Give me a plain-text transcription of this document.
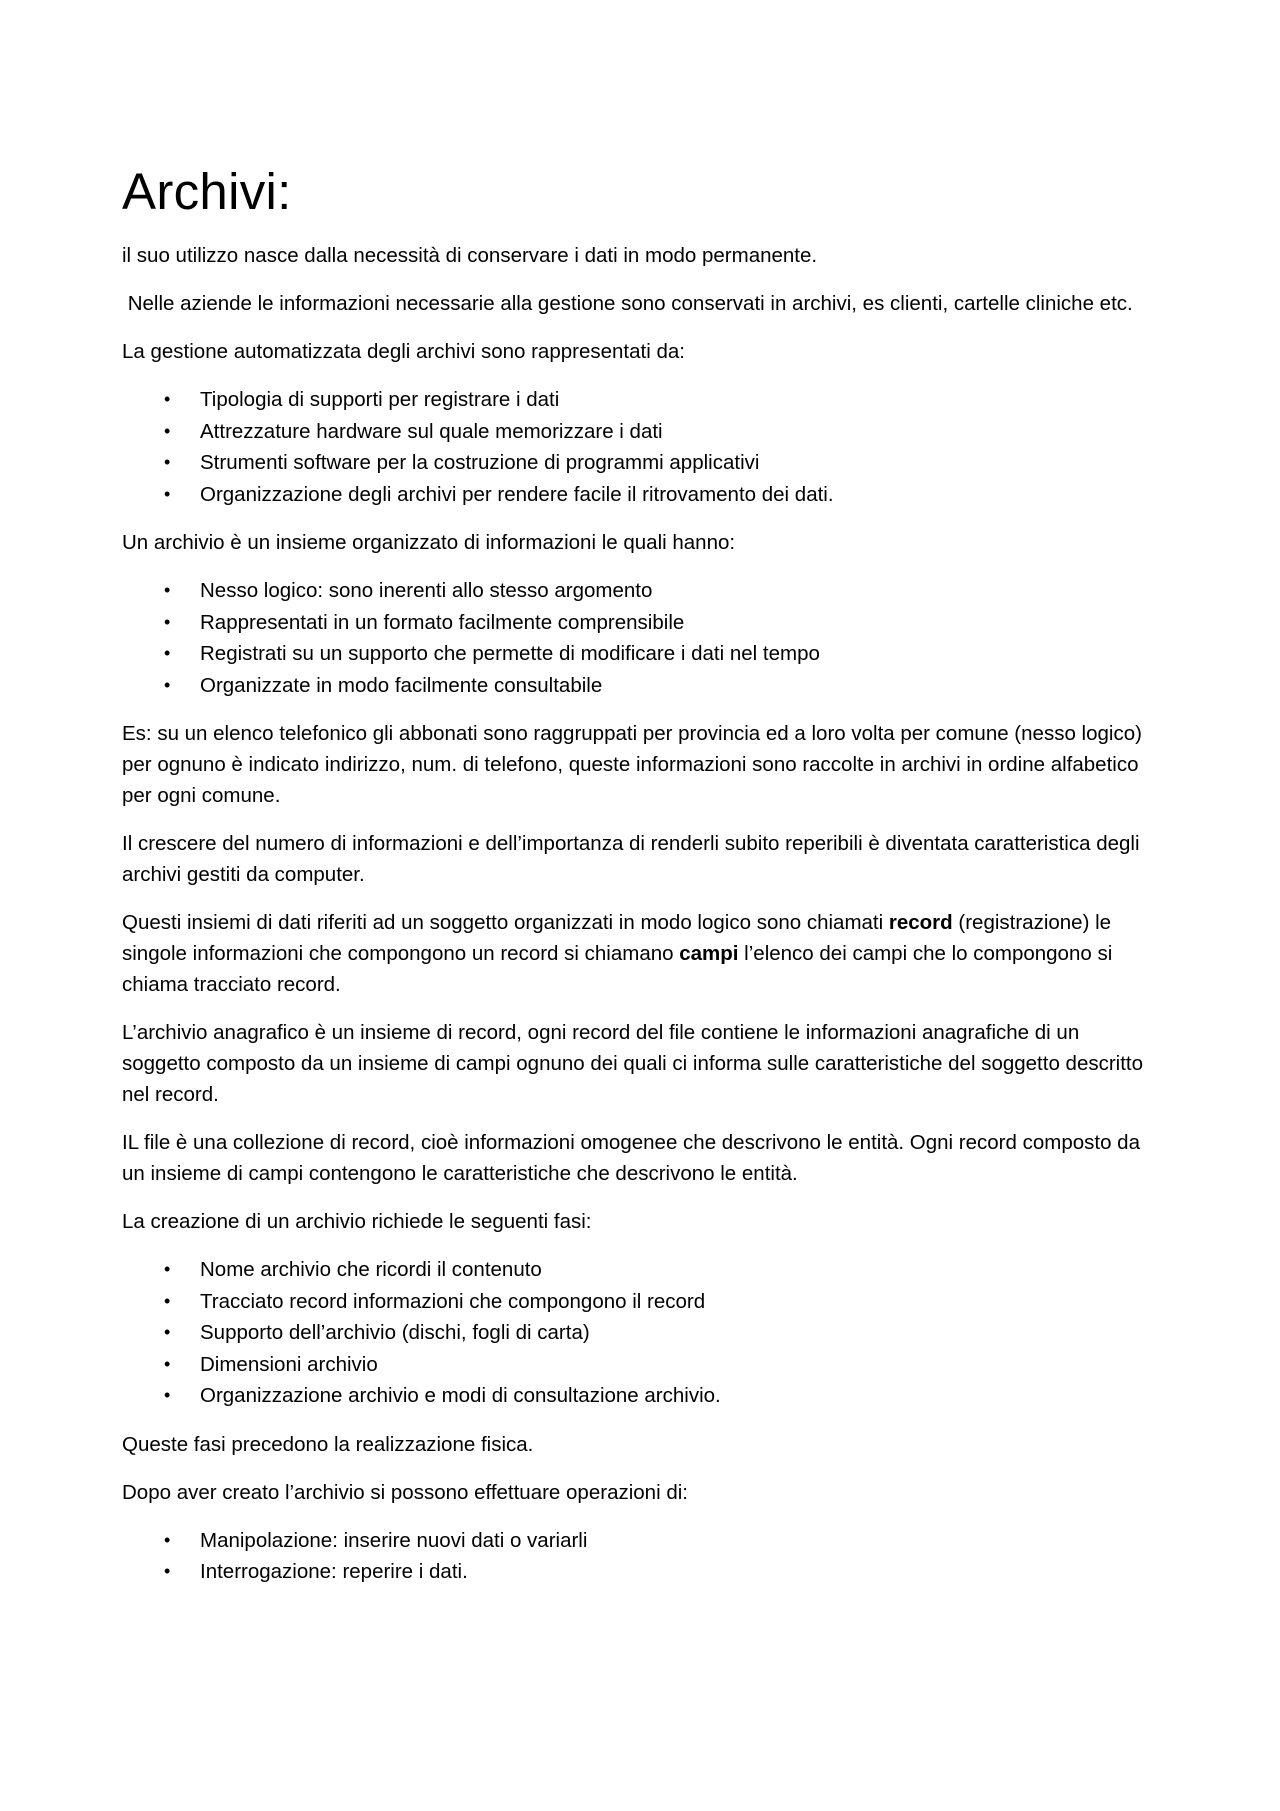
Archivi:

il suo utilizzo nasce dalla necessità di conservare i dati in modo permanente.

Nelle aziende le informazioni necessarie alla gestione sono conservati in archivi, es clienti, cartelle cliniche etc.

La gestione automatizzata degli archivi sono rappresentati da:

• Tipologia di supporti per registrare i dati
• Attrezzature hardware sul quale memorizzare i dati
• Strumenti software per la costruzione di programmi applicativi
• Organizzazione degli archivi per rendere facile il ritrovamento dei dati.

Un archivio è un insieme organizzato di informazioni le quali hanno:

• Nesso logico: sono inerenti allo stesso argomento
• Rappresentati in un formato facilmente comprensibile
• Registrati su un supporto che permette di modificare i dati nel tempo
• Organizzate in modo facilmente consultabile

Es: su un elenco telefonico gli abbonati sono raggruppati per provincia ed a loro volta per comune (nesso logico) per ognuno è indicato indirizzo, num. di telefono, queste informazioni sono raccolte in archivi in ordine alfabetico per ogni comune.

Il crescere del numero di informazioni e dell’importanza di renderli subito reperibili è diventata caratteristica degli archivi gestiti da computer.

Questi insiemi di dati riferiti ad un soggetto organizzati in modo logico sono chiamati record (registrazione) le singole informazioni che compongono un record si chiamano campi l’elenco dei campi che lo compongono si chiama tracciato record.

L’archivio anagrafico è un insieme di record, ogni record del file contiene le informazioni anagrafiche di un soggetto composto da un insieme di campi ognuno dei quali ci informa sulle caratteristiche del soggetto descritto nel record.

IL file è una collezione di record, cioè informazioni omogenee che descrivono le entità. Ogni record composto da un insieme di campi contengono le caratteristiche che descrivono le entità.

La creazione di un archivio richiede le seguenti fasi:

• Nome archivio che ricordi il contenuto
• Tracciato record informazioni che compongono il record
• Supporto dell’archivio (dischi, fogli di carta)
• Dimensioni archivio
• Organizzazione archivio e modi di consultazione archivio.

Queste fasi precedono la realizzazione fisica.

Dopo aver creato l’archivio si possono effettuare operazioni di:

• Manipolazione: inserire nuovi dati o variarli
• Interrogazione: reperire i dati.
